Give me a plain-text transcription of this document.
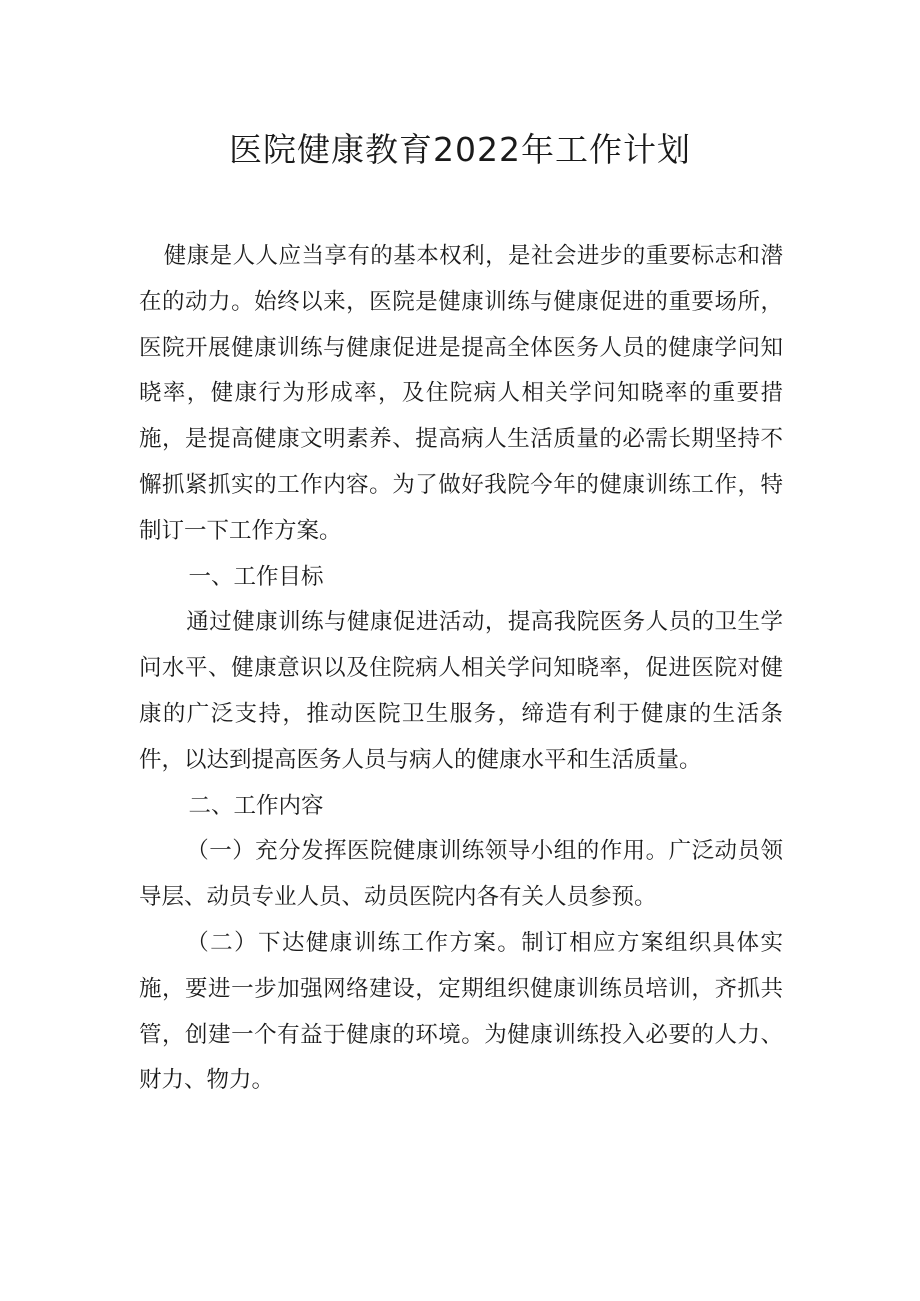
医院健康教育2022年工作计划

健康是人人应当享有的基本权利，是社会进步的重要标志和潜在的动力。始终以来，医院是健康训练与健康促进的重要场所，医院开展健康训练与健康促进是提高全体医务人员的健康学问知晓率，健康行为形成率，及住院病人相关学问知晓率的重要措施，是提高健康文明素养、提高病人生活质量的必需长期坚持不懈抓紧抓实的工作内容。为了做好我院今年的健康训练工作，特制订一下工作方案。

一、工作目标

通过健康训练与健康促进活动，提高我院医务人员的卫生学问水平、健康意识以及住院病人相关学问知晓率，促进医院对健康的广泛支持，推动医院卫生服务，缔造有利于健康的生活条件，以达到提高医务人员与病人的健康水平和生活质量。

二、工作内容

（一）充分发挥医院健康训练领导小组的作用。广泛动员领导层、动员专业人员、动员医院内各有关人员参预。

（二）下达健康训练工作方案。制订相应方案组织具体实施，要进一步加强网络建设，定期组织健康训练员培训，齐抓共管，创建一个有益于健康的环境。为健康训练投入必要的人力、财力、物力。
